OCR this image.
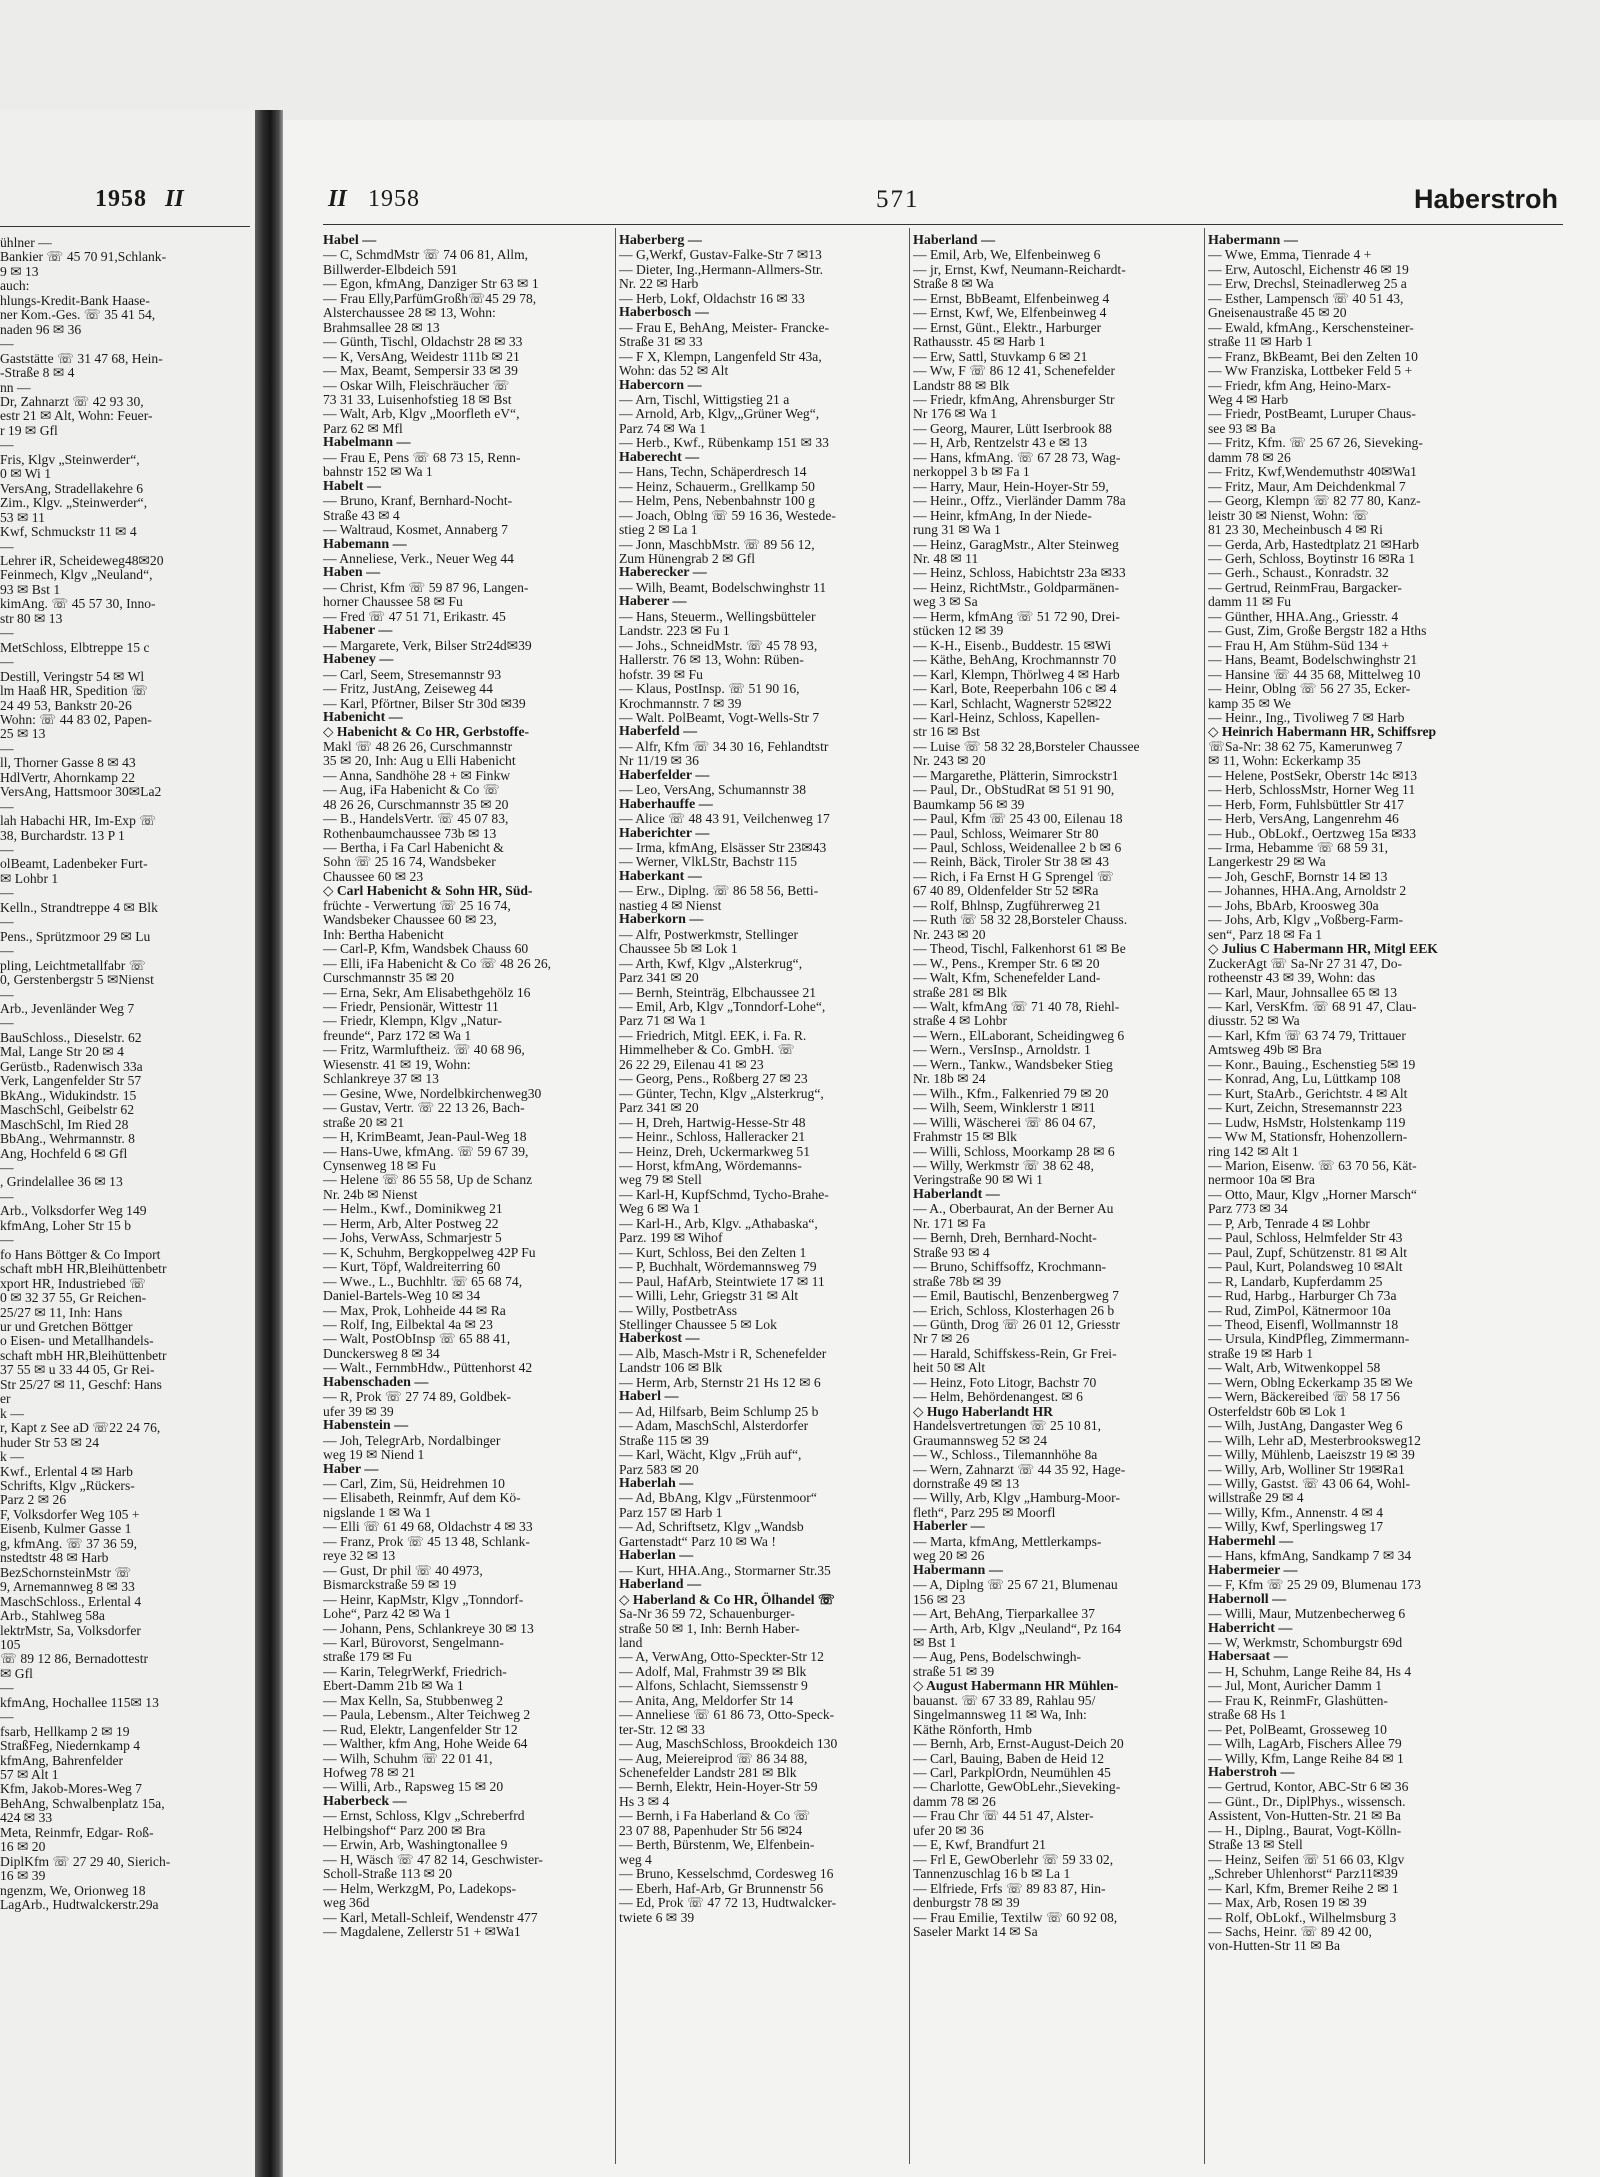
1958 II
ühlner —
Bankier ☏ 45 70 91,Schlank-
9 ✉ 13
auch:
hlungs-Kredit-Bank Haase-
ner Kom.-Ges. ☏ 35 41 54,
naden 96 ✉ 36
—
Gaststätte ☏ 31 47 68, Hein-
-Straße 8 ✉ 4
nn —
Dr, Zahnarzt ☏ 42 93 30,
estr 21 ✉ Alt, Wohn: Feuer-
r 19 ✉ Gfl
—
Fris, Klgv „Steinwerder“,
0 ✉ Wi 1
VersAng, Stradellakehre 6
Zim., Klgv. „Steinwerder“,
53 ✉ 11
Kwf, Schmuckstr 11 ✉ 4
—
Lehrer iR, Scheideweg48✉20
Feinmech, Klgv „Neuland“,
93 ✉ Bst 1
kimAng. ☏ 45 57 30, Inno-
str 80 ✉ 13
—
MetSchloss, Elbtreppe 15 c
—
Destill, Veringstr 54 ✉ Wl
lm Haaß HR, Spedition ☏
24 49 53, Bankstr 20-26
Wohn: ☏ 44 83 02, Papen-
25 ✉ 13
—
ll, Thorner Gasse 8 ✉ 43
HdlVertr, Ahornkamp 22
VersAng, Hattsmoor 30✉La2
—
lah Habachi HR, Im-Exp ☏
38, Burchardstr. 13 P 1
—
olBeamt, Ladenbeker Furt-
✉ Lohbr 1
—
Kelln., Strandtreppe 4 ✉ Blk
—
Pens., Sprützmoor 29 ✉ Lu
—
pling, Leichtmetallfabr ☏
0, Gerstenbergstr 5 ✉Nienst
—
Arb., Jevenländer Weg 7
—
BauSchloss., Dieselstr. 62
Mal, Lange Str 20 ✉ 4
Gerüstb., Radenwisch 33a
Verk, Langenfelder Str 57
BkAng., Widukindstr. 15
MaschSchl, Geibelstr 62
MaschSchl, Im Ried 28
BbAng., Wehrmannstr. 8
Ang, Hochfeld 6 ✉ Gfl
—
, Grindelallee 36 ✉ 13
—
Arb., Volksdorfer Weg 149
kfmAng, Loher Str 15 b
—
fo Hans Böttger & Co Import
schaft mbH HR,Bleihüttenbetr
xport HR, Industriebed ☏
0 ✉ 32 37 55, Gr Reichen-
25/27 ✉ 11, Inh: Hans
ur und Gretchen Böttger
o Eisen- und Metallhandels-
schaft mbH HR,Bleihüttenbetr
37 55 ✉ u 33 44 05, Gr Rei-
Str 25/27 ✉ 11, Geschf: Hans
er
k —
r, Kapt z See aD ☏22 24 76,
huder Str 53 ✉ 24
k —
Kwf., Erlental 4 ✉ Harb
Schrifts, Klgv „Rückers-
Parz 2 ✉ 26
F, Volksdorfer Weg 105 +
Eisenb, Kulmer Gasse 1
g, kfmAng. ☏ 37 36 59,
nstedtstr 48 ✉ Harb
BezSchornsteinMstr ☏
9, Arnemannweg 8 ✉ 33
MaschSchloss., Erlental 4
Arb., Stahlweg 58a
lektrMstr, Sa, Volksdorfer
105
☏ 89 12 86, Bernadottestr
✉ Gfl
—
kfmAng, Hochallee 115✉ 13
—
fsarb, Hellkamp 2 ✉ 19
StraßFeg, Niedernkamp 4
kfmAng, Bahrenfelder
57 ✉ Alt 1
Kfm, Jakob-Mores-Weg 7
BehAng, Schwalbenplatz 15a,
424 ✉ 33
Meta, Reinmfr, Edgar- Roß-
16 ✉ 20
DiplKfm ☏ 27 29 40, Sierich-
16 ✉ 39
ngenzm, We, Orionweg 18
LagArb., Hudtwalckerstr.29a
II 1958	571	Haberstroh
Habel —
— C, SchmdMstr ☏ 74 06 81, Allm,
Billwerder-Elbdeich 591
— Egon, kfmAng, Danziger Str 63 ✉ 1
— Frau Elly,ParfümGroßh☏45 29 78,
Alsterchaussee 28 ✉ 13, Wohn:
Brahmsallee 28 ✉ 13
— Günth, Tischl, Oldachstr 28 ✉ 33
— K, VersAng, Weidestr 111b ✉ 21
— Max, Beamt, Sempersir 33 ✉ 39
— Oskar Wilh, Fleischräucher ☏
73 31 33, Luisenhofstieg 18 ✉ Bst
— Walt, Arb, Klgv „Moorfleth eV“,
Parz 62 ✉ Mfl
Habelmann —
— Frau E, Pens ☏ 68 73 15, Renn-
bahnstr 152 ✉ Wa 1
Habelt —
— Bruno, Kranf, Bernhard-Nocht-
Straße 43 ✉ 4
— Waltraud, Kosmet, Annaberg 7
Habemann —
— Anneliese, Verk., Neuer Weg 44
Haben —
— Christ, Kfm ☏ 59 87 96, Langen-
horner Chaussee 58 ✉ Fu
— Fred ☏ 47 51 71, Erikastr. 45
Habener —
— Margarete, Verk, Bilser Str24d✉39
Habeney —
— Carl, Seem, Stresemannstr 93
— Fritz, JustAng, Zeiseweg 44
— Karl, Pförtner, Bilser Str 30d ✉39
Habenicht —
◇ Habenicht & Co HR, Gerbstoffe-
Makl ☏ 48 26 26, Curschmannstr
35 ✉ 20, Inh: Aug u Elli Habenicht
— Anna, Sandhöhe 28 + ✉ Finkw
— Aug, iFa Habenicht & Co ☏
48 26 26, Curschmannstr 35 ✉ 20
— B., HandelsVertr. ☏ 45 07 83,
Rothenbaumchaussee 73b ✉ 13
— Bertha, i Fa Carl Habenicht &
Sohn ☏ 25 16 74, Wandsbeker
Chaussee 60 ✉ 23
◇ Carl Habenicht & Sohn HR, Süd-
früchte - Verwertung ☏ 25 16 74,
Wandsbeker Chaussee 60 ✉ 23,
Inh: Bertha Habenicht
— Carl-P, Kfm, Wandsbek Chauss 60
— Elli, iFa Habenicht & Co ☏ 48 26 26,
Curschmannstr 35 ✉ 20
— Erna, Sekr, Am Elisabethgehölz 16
— Friedr, Pensionär, Wittestr 11
— Friedr, Klempn, Klgv „Natur-
freunde“, Parz 172 ✉ Wa 1
— Fritz, Warmluftheiz. ☏ 40 68 96,
Wiesenstr. 41 ✉ 19, Wohn:
Schlankreye 37 ✉ 13
— Gesine, Wwe, Nordelbkirchenweg30
— Gustav, Vertr. ☏ 22 13 26, Bach-
straße 20 ✉ 21
— H, KrimBeamt, Jean-Paul-Weg 18
— Hans-Uwe, kfmAng. ☏ 59 67 39,
Cynsenweg 18 ✉ Fu
— Helene ☏ 86 55 58, Up de Schanz
Nr. 24b ✉ Nienst
— Helm., Kwf., Dominikweg 21
— Herm, Arb, Alter Postweg 22
— Johs, VerwAss, Schmarjestr 5
— K, Schuhm, Bergkoppelweg 42P Fu
— Kurt, Töpf, Waldreiterring 60
— Wwe., L., Buchhltr. ☏ 65 68 74,
Daniel-Bartels-Weg 10 ✉ 34
— Max, Prok, Lohheide 44 ✉ Ra
— Rolf, Ing, Eilbektal 4a ✉ 23
— Walt, PostObInsp ☏ 65 88 41,
Dunckersweg 8 ✉ 34
— Walt., FernmbHdw., Püttenhorst 42
Habenschaden —
— R, Prok ☏ 27 74 89, Goldbek-
ufer 39 ✉ 39
Habenstein —
— Joh, TelegrArb, Nordalbinger
weg 19 ✉ Niend 1
Haber —
— Carl, Zim, Sü, Heidrehmen 10
— Elisabeth, Reinmfr, Auf dem Kö-
nigslande 1 ✉ Wa 1
— Elli ☏ 61 49 68, Oldachstr 4 ✉ 33
— Franz, Prok ☏ 45 13 48, Schlank-
reye 32 ✉ 13
— Gust, Dr phil ☏ 40 4973,
Bismarckstraße 59 ✉ 19
— Heinr, KapMstr, Klgv „Tonndorf-
Lohe“, Parz 42 ✉ Wa 1
— Johann, Pens, Schlankreye 30 ✉ 13
— Karl, Bürovorst, Sengelmann-
straße 179 ✉ Fu
— Karin, TelegrWerkf, Friedrich-
Ebert-Damm 21b ✉ Wa 1
— Max Kelln, Sa, Stubbenweg 2
— Paula, Lebensm., Alter Teichweg 2
— Rud, Elektr, Langenfelder Str 12
— Walther, kfm Ang, Hohe Weide 64
— Wilh, Schuhm ☏ 22 01 41,
Hofweg 78 ✉ 21
— Willi, Arb., Rapsweg 15 ✉ 20
Haberbeck —
— Ernst, Schloss, Klgv „Schreberfrd
Helbingshof“ Parz 200 ✉ Bra
— Erwin, Arb, Washingtonallee 9
— H, Wäsch ☏ 47 82 14, Geschwister-
Scholl-Straße 113 ✉ 20
— Helm, WerkzgM, Po, Ladekops-
weg 36d
— Karl, Metall-Schleif, Wendenstr 477
— Magdalene, Zellerstr 51 + ✉Wa1
Haberberg —
— G,Werkf, Gustav-Falke-Str 7 ✉13
— Dieter, Ing.,Hermann-Allmers-Str.
Nr. 22 ✉ Harb
— Herb, Lokf, Oldachstr 16 ✉ 33
Haberbosch —
— Frau E, BehAng, Meister- Francke-
Straße 31 ✉ 33
— F X, Klempn, Langenfeld Str 43a,
Wohn: das 52 ✉ Alt
Habercorn —
— Arn, Tischl, Wittigstieg 21 a
— Arnold, Arb, Klgv,„Grüner Weg“,
Parz 74 ✉ Wa 1
— Herb., Kwf., Rübenkamp 151 ✉ 33
Haberecht —
— Hans, Techn, Schäperdresch 14
— Heinz, Schauerm., Grellkamp 50
— Helm, Pens, Nebenbahnstr 100 g
— Joach, Oblng ☏ 59 16 36, Westede-
stieg 2 ✉ La 1
— Jonn, MaschbMstr. ☏ 89 56 12,
Zum Hünengrab 2 ✉ Gfl
Haberecker —
— Wilh, Beamt, Bodelschwinghstr 11
Haberer —
— Hans, Steuerm., Wellingsbütteler
Landstr. 223 ✉ Fu 1
— Johs., SchneidMstr. ☏ 45 78 93,
Hallerstr. 76 ✉ 13, Wohn: Rüben-
hofstr. 39 ✉ Fu
— Klaus, PostInsp. ☏ 51 90 16,
Krochmannstr. 7 ✉ 39
— Walt. PolBeamt, Vogt-Wells-Str 7
Haberfeld —
— Alfr, Kfm ☏ 34 30 16, Fehlandtstr
Nr 11/19 ✉ 36
Haberfelder —
— Leo, VersAng, Schumannstr 38
Haberhauffe —
— Alice ☏ 48 43 91, Veilchenweg 17
Haberichter —
— Irma, kfmAng, Elsässer Str 23✉43
— Werner, VlkLStr, Bachstr 115
Haberkant —
— Erw., Diplng. ☏ 86 58 56, Betti-
nastieg 4 ✉ Nienst
Haberkorn —
— Alfr, Postwerkmstr, Stellinger
Chaussee 5b ✉ Lok 1
— Arth, Kwf, Klgv „Alsterkrug“,
Parz 341 ✉ 20
— Bernh, Steinträg, Elbchaussee 21
— Emil, Arb, Klgv „Tonndorf-Lohe“,
Parz 71 ✉ Wa 1
— Friedrich, Mitgl. EEK, i. Fa. R.
Himmelheber & Co. GmbH. ☏
26 22 29, Eilenau 41 ✉ 23
— Georg, Pens., Roßberg 27 ✉ 23
— Günter, Techn, Klgv „Alsterkrug“,
Parz 341 ✉ 20
— H, Dreh, Hartwig-Hesse-Str 48
— Heinr., Schloss, Halleracker 21
— Heinz, Dreh, Uckermarkweg 51
— Horst, kfmAng, Wördemanns-
weg 79 ✉ Stell
— Karl-H, KupfSchmd, Tycho-Brahe-
Weg 6 ✉ Wa 1
— Karl-H., Arb, Klgv. „Athabaska“,
Parz. 199 ✉ Wihof
— Kurt, Schloss, Bei den Zelten 1
— P, Buchhalt, Wördemannsweg 79
— Paul, HafArb, Steintwiete 17 ✉ 11
— Willi, Lehr, Griegstr 31 ✉ Alt
— Willy, PostbetrAss
Stellinger Chaussee 5 ✉ Lok
Haberkost —
— Alb, Masch-Mstr i R, Schenefelder
Landstr 106 ✉ Blk
— Herm, Arb, Sternstr 21 Hs 12 ✉ 6
Haberl —
— Ad, Hilfsarb, Beim Schlump 25 b
— Adam, MaschSchl, Alsterdorfer
Straße 115 ✉ 39
— Karl, Wächt, Klgv „Früh auf“,
Parz 583 ✉ 20
Haberlah —
— Ad, BbAng, Klgv „Fürstenmoor“
Parz 157 ✉ Harb 1
— Ad, Schriftsetz, Klgv „Wandsb
Gartenstadt“ Parz 10 ✉ Wa !
Haberlan —
— Kurt, HHA.Ang., Stormarner Str.35
Haberland —
◇ Haberland & Co HR, Ölhandel ☏
Sa-Nr 36 59 72, Schauenburger-
straße 50 ✉ 1, Inh: Bernh Haber-
land
— A, VerwAng, Otto-Speckter-Str 12
— Adolf, Mal, Frahmstr 39 ✉ Blk
— Alfons, Schlacht, Siemssenstr 9
— Anita, Ang, Meldorfer Str 14
— Anneliese ☏ 61 86 73, Otto-Speck-
ter-Str. 12 ✉ 33
— Aug, MaschSchloss, Brookdeich 130
— Aug, Meiereiprod ☏ 86 34 88,
Schenefelder Landstr 281 ✉ Blk
— Bernh, Elektr, Hein-Hoyer-Str 59
Hs 3 ✉ 4
— Bernh, i Fa Haberland & Co ☏
23 07 88, Papenhuder Str 56 ✉24
— Berth, Bürstenm, We, Elfenbein-
weg 4
— Bruno, Kesselschmd, Cordesweg 16
— Eberh, Haf-Arb, Gr Brunnenstr 56
— Ed, Prok ☏ 47 72 13, Hudtwalcker-
twiete 6 ✉ 39
Haberland —
— Emil, Arb, We, Elfenbeinweg 6
— jr, Ernst, Kwf, Neumann-Reichardt-
Straße 8 ✉ Wa
— Ernst, BbBeamt, Elfenbeinweg 4
— Ernst, Kwf, We, Elfenbeinweg 4
— Ernst, Günt., Elektr., Harburger
Rathausstr. 45 ✉ Harb 1
— Erw, Sattl, Stuvkamp 6 ✉ 21
— Ww, F ☏ 86 12 41, Schenefelder
Landstr 88 ✉ Blk
— Friedr, kfmAng, Ahrensburger Str
Nr 176 ✉ Wa 1
— Georg, Maurer, Lütt Iserbrook 88
— H, Arb, Rentzelstr 43 e ✉ 13
— Hans, kfmAng. ☏ 67 28 73, Wag-
nerkoppel 3 b ✉ Fa 1
— Harry, Maur, Hein-Hoyer-Str 59,
— Heinr., Offz., Vierländer Damm 78a
— Heinr, kfmAng, In der Niede-
rung 31 ✉ Wa 1
— Heinz, GaragMstr., Alter Steinweg
Nr. 48 ✉ 11
— Heinz, Schloss, Habichtstr 23a ✉33
— Heinz, RichtMstr., Goldparmänen-
weg 3 ✉ Sa
— Herm, kfmAng ☏ 51 72 90, Drei-
stücken 12 ✉ 39
— K-H., Eisenb., Buddestr. 15 ✉Wi
— Käthe, BehAng, Krochmannstr 70
— Karl, Klempn, Thörlweg 4 ✉ Harb
— Karl, Bote, Reeperbahn 106 c ✉ 4
— Karl, Schlacht, Wagnerstr 52✉22
— Karl-Heinz, Schloss, Kapellen-
str 16 ✉ Bst
— Luise ☏ 58 32 28,Borsteler Chaussee
Nr. 243 ✉ 20
— Margarethe, Plätterin, Simrockstr1
— Paul, Dr., ObStudRat ✉ 51 91 90,
Baumkamp 56 ✉ 39
— Paul, Kfm ☏ 25 43 00, Eilenau 18
— Paul, Schloss, Weimarer Str 80
— Paul, Schloss, Weidenallee 2 b ✉ 6
— Reinh, Bäck, Tiroler Str 38 ✉ 43
— Rich, i Fa Ernst H G Sprengel ☏
67 40 89, Oldenfelder Str 52 ✉Ra
— Rolf, Bhlnsp, Zugführerweg 21
— Ruth ☏ 58 32 28,Borsteler Chauss.
Nr. 243 ✉ 20
— Theod, Tischl, Falkenhorst 61 ✉ Be
— W., Pens., Kremper Str. 6 ✉ 20
— Walt, Kfm, Schenefelder Land-
straße 281 ✉ Blk
— Walt, kfmAng ☏ 71 40 78, Riehl-
straße 4 ✉ Lohbr
— Wern., ElLaborant, Scheidingweg 6
— Wern., VersInsp., Arnoldstr. 1
— Wern., Tankw., Wandsbeker Stieg
Nr. 18b ✉ 24
— Wilh., Kfm., Falkenried 79 ✉ 20
— Wilh, Seem, Winklerstr 1 ✉11
— Willi, Wäscherei ☏ 86 04 67,
Frahmstr 15 ✉ Blk
— Willi, Schloss, Moorkamp 28 ✉ 6
— Willy, Werkmstr ☏ 38 62 48,
Veringstraße 90 ✉ Wi 1
Haberlandt —
— A., Oberbaurat, An der Berner Au
Nr. 171 ✉ Fa
— Bernh, Dreh, Bernhard-Nocht-
Straße 93 ✉ 4
— Bruno, Schiffsoffz, Krochmann-
straße 78b ✉ 39
— Emil, Bautischl, Benzenbergweg 7
— Erich, Schloss, Klosterhagen 26 b
— Günth, Drog ☏ 26 01 12, Griesstr
Nr 7 ✉ 26
— Harald, Schiffskess-Rein, Gr Frei-
heit 50 ✉ Alt
— Heinz, Foto Litogr, Bachstr 70
— Helm, Behördenangest. ✉ 6
◇ Hugo Haberlandt HR
Handelsvertretungen ☏ 25 10 81,
Graumannsweg 52 ✉ 24
— W., Schloss., Tilemannhöhe 8a
— Wern, Zahnarzt ☏ 44 35 92, Hage-
dornstraße 49 ✉ 13
— Willy, Arb, Klgv „Hamburg-Moor-
fleth“, Parz 295 ✉ Moorfl
Haberler —
— Marta, kfmAng, Mettlerkamps-
weg 20 ✉ 26
Habermann —
— A, Diplng ☏ 25 67 21, Blumenau
156 ✉ 23
— Art, BehAng, Tierparkallee 37
— Arth, Arb, Klgv „Neuland“, Pz 164
✉ Bst 1
— Aug, Pens, Bodelschwingh-
straße 51 ✉ 39
◇ August Habermann HR Mühlen-
bauanst. ☏ 67 33 89, Rahlau 95/
Singelmannsweg 11 ✉ Wa, Inh:
Käthe Rönforth, Hmb
— Bernh, Arb, Ernst-August-Deich 20
— Carl, Bauing, Baben de Heid 12
— Carl, ParkplOrdn, Neumühlen 45
— Charlotte, GewObLehr.,Sieveking-
damm 78 ✉ 26
— Frau Chr ☏ 44 51 47, Alster-
ufer 20 ✉ 36
— E, Kwf, Brandfurt 21
— Frl E, GewOberlehr ☏ 59 33 02,
Tannenzuschlag 16 b ✉ La 1
— Elfriede, Frfs ☏ 89 83 87, Hin-
denburgstr 78 ✉ 39
— Frau Emilie, Textilw ☏ 60 92 08,
Saseler Markt 14 ✉ Sa
Habermann —
— Wwe, Emma, Tienrade 4 +
— Erw, Autoschl, Eichenstr 46 ✉ 19
— Erw, Drechsl, Steinadlerweg 25 a
— Esther, Lampensch ☏ 40 51 43,
Gneisenaustraße 45 ✉ 20
— Ewald, kfmAng., Kerschensteiner-
straße 11 ✉ Harb 1
— Franz, BkBeamt, Bei den Zelten 10
— Ww Franziska, Lottbeker Feld 5 +
— Friedr, kfm Ang, Heino-Marx-
Weg 4 ✉ Harb
— Friedr, PostBeamt, Luruper Chaus-
see 93 ✉ Ba
— Fritz, Kfm. ☏ 25 67 26, Sieveking-
damm 78 ✉ 26
— Fritz, Kwf,Wendemuthstr 40✉Wa1
— Fritz, Maur, Am Deichdenkmal 7
— Georg, Klempn ☏ 82 77 80, Kanz-
leistr 30 ✉ Nienst, Wohn: ☏
81 23 30, Mecheinbusch 4 ✉ Ri
— Gerda, Arb, Hastedtplatz 21 ✉Harb
— Gerh, Schloss, Boytinstr 16 ✉Ra 1
— Gerh., Schaust., Konradstr. 32
— Gertrud, ReinmFrau, Bargacker-
damm 11 ✉ Fu
— Günther, HHA.Ang., Griesstr. 4
— Gust, Zim, Große Bergstr 182 a Hths
— Frau H, Am Stühm-Süd 134 +
— Hans, Beamt, Bodelschwinghstr 21
— Hansine ☏ 44 35 68, Mittelweg 10
— Heinr, Oblng ☏ 56 27 35, Ecker-
kamp 35 ✉ We
— Heinr., Ing., Tivoliweg 7 ✉ Harb
◇ Heinrich Habermann HR, Schiffsrep
☏Sa-Nr: 38 62 75, Kamerunweg 7
✉ 11, Wohn: Eckerkamp 35
— Helene, PostSekr, Oberstr 14c ✉13
— Herb, SchlossMstr, Horner Weg 11
— Herb, Form, Fuhlsbüttler Str 417
— Herb, VersAng, Langenrehm 46
— Hub., ObLokf., Oertzweg 15a ✉33
— Irma, Hebamme ☏ 68 59 31,
Langerkestr 29 ✉ Wa
— Joh, GeschF, Bornstr 14 ✉ 13
— Johannes, HHA.Ang, Arnoldstr 2
— Johs, BbArb, Kroosweg 30a
— Johs, Arb, Klgv „Voßberg-Farm-
sen“, Parz 18 ✉ Fa 1
◇ Julius C Habermann HR, Mitgl EEK
ZuckerAgt ☏ Sa-Nr 27 31 47, Do-
rotheenstr 43 ✉ 39, Wohn: das
— Karl, Maur, Johnsallee 65 ✉ 13
— Karl, VersKfm. ☏ 68 91 47, Clau-
diusstr. 52 ✉ Wa
— Karl, Kfm ☏ 63 74 79, Trittauer
Amtsweg 49b ✉ Bra
— Konr., Bauing., Eschenstieg 5✉ 19
— Konrad, Ang, Lu, Lüttkamp 108
— Kurt, StaArb., Gerichtstr. 4 ✉ Alt
— Kurt, Zeichn, Stresemannstr 223
— Ludw, HsMstr, Holstenkamp 119
— Ww M, Stationsfr, Hohenzollern-
ring 142 ✉ Alt 1
— Marion, Eisenw. ☏ 63 70 56, Kät-
nermoor 10a ✉ Bra
— Otto, Maur, Klgv „Horner Marsch“
Parz 773 ✉ 34
— P, Arb, Tenrade 4 ✉ Lohbr
— Paul, Schloss, Helmfelder Str 43
— Paul, Zupf, Schützenstr. 81 ✉ Alt
— Paul, Kurt, Polandsweg 10 ✉Alt
— R, Landarb, Kupferdamm 25
— Rud, Harbg., Harburger Ch 73a
— Rud, ZimPol, Kätnermoor 10a
— Theod, Eisenfl, Wollmannstr 18
— Ursula, KindPfleg, Zimmermann-
straße 19 ✉ Harb 1
— Walt, Arb, Witwenkoppel 58
— Wern, Oblng Eckerkamp 35 ✉ We
— Wern, Bäckereibed ☏ 58 17 56
Osterfeldstr 60b ✉ Lok 1
— Wilh, JustAng, Dangaster Weg 6
— Wilh, Lehr aD, Mesterbrooksweg12
— Willy, Mühlenb, Laeiszstr 19 ✉ 39
— Willy, Arb, Wolliner Str 19✉Ra1
— Willy, Gastst. ☏ 43 06 64, Wohl-
willstraße 29 ✉ 4
— Willy, Kfm., Annenstr. 4 ✉ 4
— Willy, Kwf, Sperlingsweg 17
Habermehl —
— Hans, kfmAng, Sandkamp 7 ✉ 34
Habermeier —
— F, Kfm ☏ 25 29 09, Blumenau 173
Habernoll —
— Willi, Maur, Mutzenbecherweg 6
Haberricht —
— W, Werkmstr, Schomburgstr 69d
Habersaat —
— H, Schuhm, Lange Reihe 84, Hs 4
— Jul, Mont, Auricher Damm 1
— Frau K, ReinmFr, Glashütten-
straße 68 Hs 1
— Pet, PolBeamt, Grosseweg 10
— Wilh, LagArb, Fischers Allee 79
— Willy, Kfm, Lange Reihe 84 ✉ 1
Haberstroh —
— Gertrud, Kontor, ABC-Str 6 ✉ 36
— Günt., Dr., DiplPhys., wissensch.
Assistent, Von-Hutten-Str. 21 ✉ Ba
— H., Diplng., Baurat, Vogt-Kölln-
Straße 13 ✉ Stell
— Heinz, Seifen ☏ 51 66 03, Klgv
„Schreber Uhlenhorst“ Parz11✉39
— Karl, Kfm, Bremer Reihe 2 ✉ 1
— Max, Arb, Rosen 19 ✉ 39
— Rolf, ObLokf., Wilhelmsburg 3
— Sachs, Heinr. ☏ 89 42 00,
von-Hutten-Str 11 ✉ Ba
